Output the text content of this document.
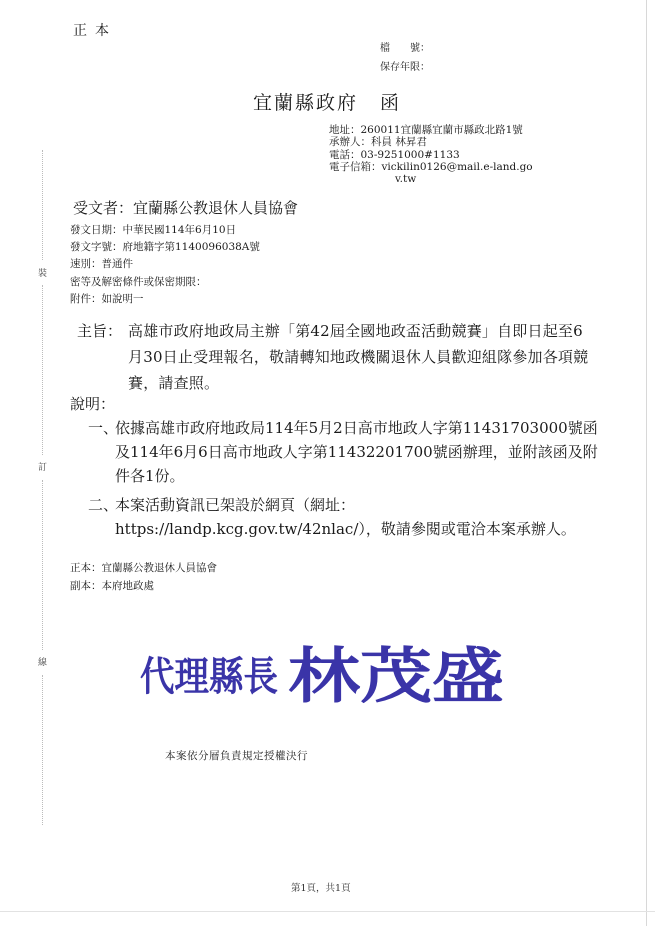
裝
訂
線
正本
檔　　號：
保存年限：
宜蘭縣政府 函
地址：260011宜蘭縣宜蘭市縣政北路1號
承辦人：科員 林昇君
電話：03-9251000#1133
電子信箱：vickilin0126@mail.e-land.go
v.tw
受文者：宜蘭縣公教退休人員協會
發文日期：中華民國114年6月10日
發文字號：府地籍字第1140096038A號
速別：普通件
密等及解密條件或保密期限：
附件：如說明一
主旨： 高雄市政府地政局主辦「第42屆全國地政盃活動競賽」自即日起至6月30日止受理報名，敬請轉知地政機關退休人員歡迎組隊參加各項競賽，請查照。
說明：
一、
依據高雄市政府地政局114年5月2日高市地政人字第11431703000號函及114年6月6日高市地政人字第11432201700號函辦理，並附該函及附件各1份。
二、
本案活動資訊已架設於網頁（網址：https://landp.kcg.gov.tw/42nlac/），敬請參閱或電洽本案承辦人。
正本：宜蘭縣公教退休人員協會
副本：本府地政處
代理縣長 林茂盛
本案依分層負責規定授權決行
第1頁，共1頁
